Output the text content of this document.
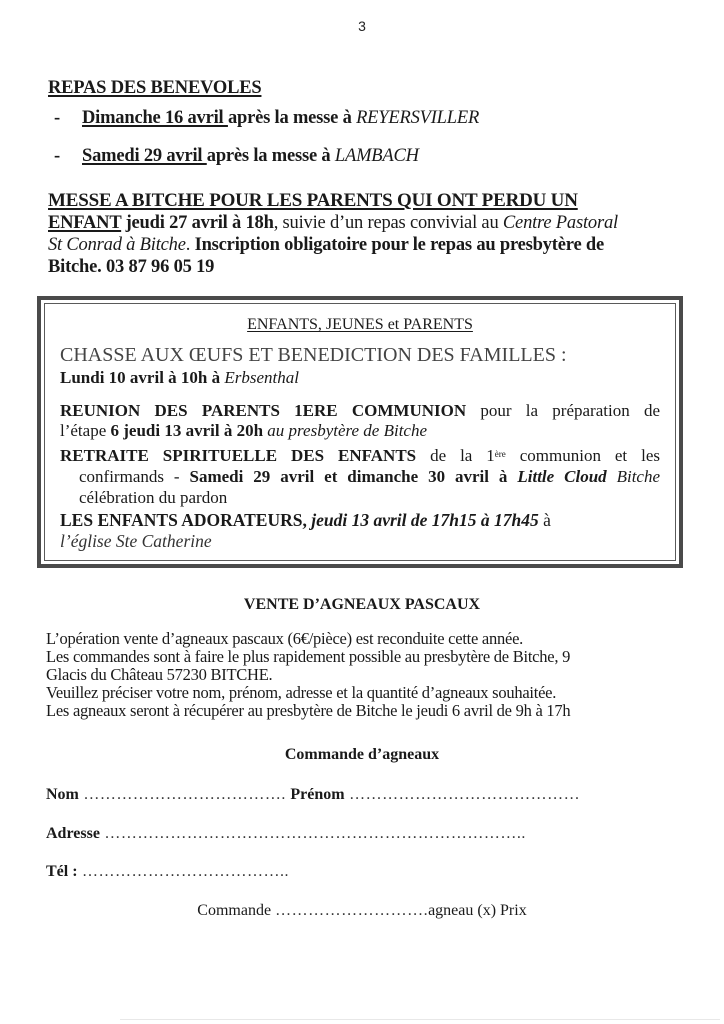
3
REPAS DES BENEVOLES
- Dimanche 16 avril après la messe à REYERSVILLER
- Samedi 29 avril après la messe à LAMBACH
MESSE A BITCHE POUR LES PARENTS QUI ONT PERDU UN
ENFANT jeudi 27 avril à 18h, suivie d’un repas convivial au Centre Pastoral St Conrad à Bitche. Inscription obligatoire pour le repas au presbytère de Bitche. 03 87 96 05 19
ENFANTS, JEUNES et PARENTS
CHASSE AUX ŒUFS ET BENEDICTION DES FAMILLES :
Lundi 10 avril à 10h à Erbsenthal
REUNION DES PARENTS 1ERE COMMUNION pour la préparation de
l’étape 6 jeudi 13 avril à 20h au presbytère de Bitche
RETRAITE SPIRITUELLE DES ENFANTS de la 1ère communion et les
confirmands - Samedi 29 avril et dimanche 30 avril à Little Cloud Bitche
célébration du pardon
LES ENFANTS ADORATEURS, jeudi 13 avril de 17h15 à 17h45 à
l’église Ste Catherine
VENTE D’AGNEAUX PASCAUX
L’opération vente d’agneaux pascaux (6€/pièce) est reconduite cette année.
Les commandes sont à faire le plus rapidement possible au presbytère de Bitche, 9
Glacis du Château 57230 BITCHE.
Veuillez préciser votre nom, prénom, adresse et la quantité d’agneaux souhaitée.
Les agneaux seront à récupérer au presbytère de Bitche le jeudi 6 avril de 9h à 17h
Commande d’agneaux
Nom ………………………………. Prénom ……………………………………
Adresse …………………………………………………………………..
Tél : ………………………………..
Commande ……………………….agneau (x) Prix
